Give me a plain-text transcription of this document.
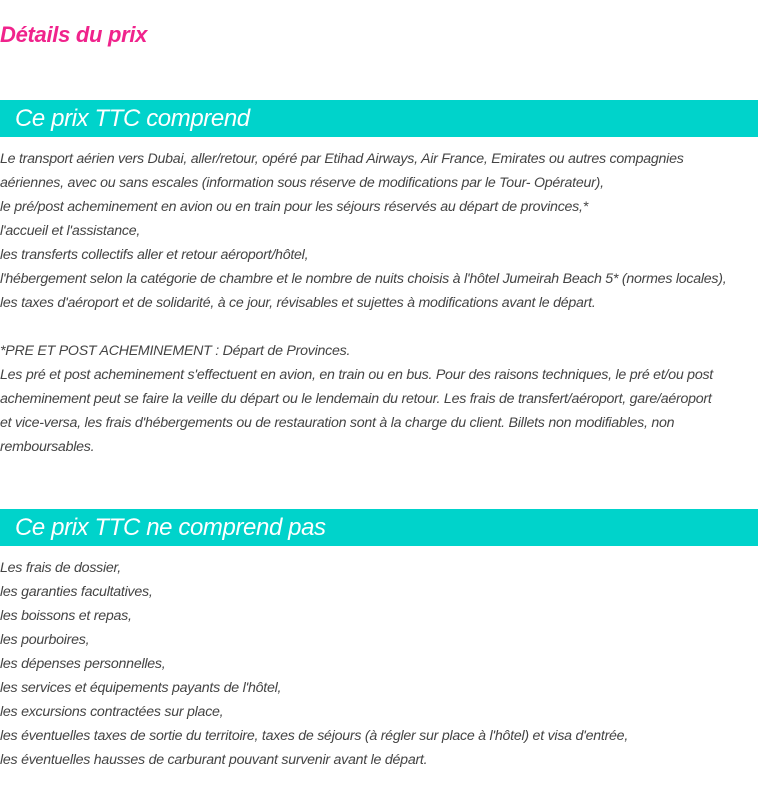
Détails du prix
Ce prix TTC comprend
Le transport aérien vers Dubai, aller/retour, opéré par Etihad Airways, Air France, Emirates ou autres compagnies
aériennes, avec ou sans escales (information sous réserve de modifications par le Tour- Opérateur),
le pré/post acheminement en avion ou en train pour les séjours réservés au départ de provinces,*
l'accueil et l'assistance,
les transferts collectifs aller et retour aéroport/hôtel,
l'hébergement selon la catégorie de chambre et le nombre de nuits choisis à l'hôtel Jumeirah Beach 5* (normes locales),
les taxes d'aéroport et de solidarité, à ce jour, révisables et sujettes à modifications avant le départ.
*PRE ET POST ACHEMINEMENT : Départ de Provinces.
Les pré et post acheminement s'effectuent en avion, en train ou en bus. Pour des raisons techniques, le pré et/ou post
acheminement peut se faire la veille du départ ou le lendemain du retour. Les frais de transfert/aéroport, gare/aéroport
et vice-versa, les frais d'hébergements ou de restauration sont à la charge du client. Billets non modifiables, non
remboursables.
Ce prix TTC ne comprend pas
Les frais de dossier,
les garanties facultatives,
les boissons et repas,
les pourboires,
les dépenses personnelles,
les services et équipements payants de l'hôtel,
les excursions contractées sur place,
les éventuelles taxes de sortie du territoire, taxes de séjours (à régler sur place à l'hôtel) et visa d'entrée,
les éventuelles hausses de carburant pouvant survenir avant le départ.
